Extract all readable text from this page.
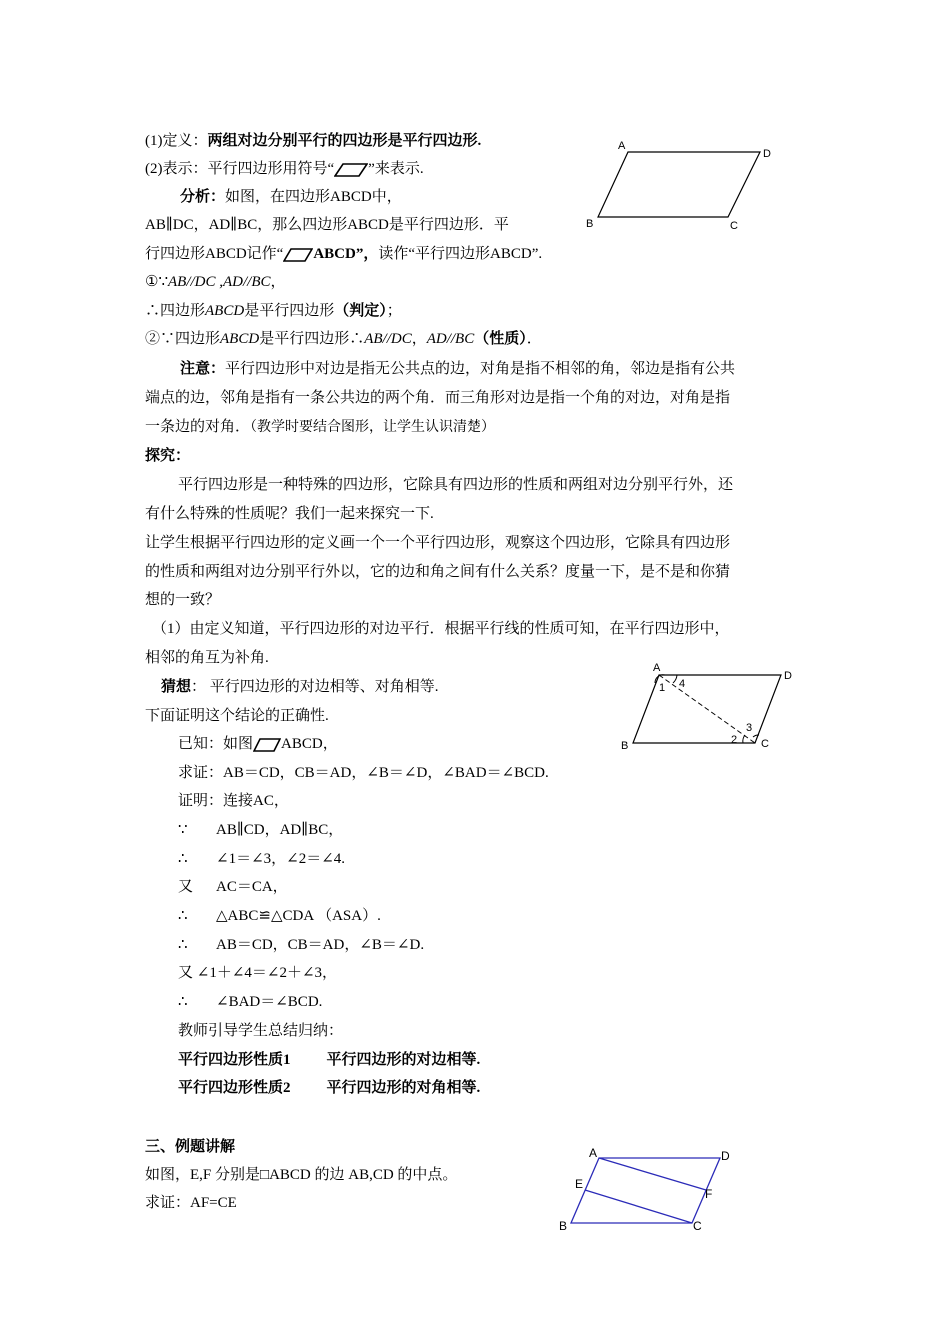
(1)定义：两组对边分别平行的四边形是平行四边形.
(2)表示：平行四边形用符号“ ”来表示.
分析：如图，在四边形ABCD中，
AB∥DC，AD∥BC，那么四边形ABCD是平行四边形．平
行四边形ABCD记作“ ABCD”，读作“平行四边形ABCD”.
①∵AB//DC ,AD//BC，
∴四边形ABCD是平行四边形（判定）；
②∵四边形ABCD是平行四边形∴AB//DC，AD//BC（性质）．
注意：平行四边形中对边是指无公共点的边，对角是指不相邻的角，邻边是指有公共
端点的边，邻角是指有一条公共边的两个角．而三角形对边是指一个角的对边，对角是指
一条边的对角．（教学时要结合图形，让学生认识清楚）
探究：
平行四边形是一种特殊的四边形，它除具有四边形的性质和两组对边分别平行外，还
有什么特殊的性质呢？我们一起来探究一下.
让学生根据平行四边形的定义画一个一个平行四边形，观察这个四边形，它除具有四边形
的性质和两组对边分别平行外以，它的边和角之间有什么关系？度量一下，是不是和你猜
想的一致？
（1）由定义知道，平行四边形的对边平行．根据平行线的性质可知，在平行四边形中，
相邻的角互为补角.
猜想： 平行四边形的对边相等、对角相等.
下面证明这个结论的正确性.
已知：如图 ABCD，
求证：AB＝CD，CB＝AD，∠B＝∠D，∠BAD＝∠BCD.
证明：连接AC，
∵ AB∥CD，AD∥BC，
∴ ∠1＝∠3，∠2＝∠4.
又 AC＝CA，
∴ △ABC≌△CDA （ASA）.
∴ AB＝CD，CB＝AD，∠B＝∠D.
又 ∠1＋∠4＝∠2＋∠3，
∴ ∠BAD＝∠BCD.
教师引导学生总结归纳：
平行四边形性质1 平行四边形的对边相等.
平行四边形性质2 平行四边形的对角相等.
三、例题讲解
如图，E,F 分别是□ABCD 的边 AB,CD 的中点。
求证：AF=CE
A
D
B	C
A
D
B	C
1 4
2
3
A	D
B	C
E
F
